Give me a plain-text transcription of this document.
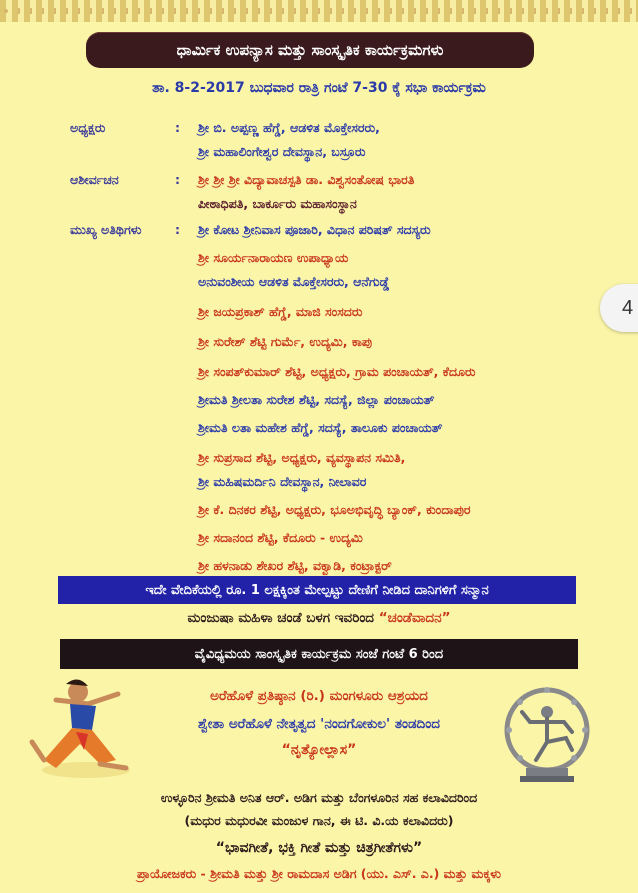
ಧಾರ್ಮಿಕ ಉಪನ್ಯಾಸ ಮತ್ತು ಸಾಂಸ್ಕೃತಿಕ ಕಾರ್ಯಕ್ರಮಗಳು
ತಾ. 8-2-2017 ಬುಧವಾರ ರಾತ್ರಿ ಗಂಟೆ 7-30 ಕ್ಕೆ ಸಭಾ ಕಾರ್ಯಕ್ರಮ
ಅಧ್ಯಕ್ಷರು	: ಶ್ರೀ ಬಿ. ಅಪ್ಪಣ್ಣ ಹೆಗ್ಡೆ, ಆಡಳಿತ ಮೊಕ್ತೇಸರರು,
ಶ್ರೀ ಮಹಾಲಿಂಗೇಶ್ವರ ದೇವಸ್ಥಾನ, ಬಸ್ರೂರು
ಆಶೀರ್ವಚನ	: ಶ್ರೀ ಶ್ರೀ ಶ್ರೀ ವಿದ್ಯಾವಾಚಸ್ಪತಿ ಡಾ. ವಿಶ್ವಸಂತೋಷ ಭಾರತಿ
ಪೀಠಾಧಿಪತಿ, ಬಾರ್ಕೂರು ಮಹಾಸಂಸ್ಥಾನ
ಮುಖ್ಯ ಅತಿಥಿಗಳು	: ಶ್ರೀ ಕೋಟ ಶ್ರೀನಿವಾಸ ಪೂಜಾರಿ, ವಿಧಾನ ಪರಿಷತ್ ಸದಸ್ಯರು
ಶ್ರೀ ಸೂರ್ಯನಾರಾಯಣ ಉಪಾಧ್ಯಾಯ
ಅನುವಂಶೀಯ ಆಡಳಿತ ಮೊಕ್ತೇಸರರು, ಆನೆಗುಡ್ಡೆ
ಶ್ರೀ ಜಯಪ್ರಕಾಶ್ ಹೆಗ್ಡೆ, ಮಾಜಿ ಸಂಸದರು
ಶ್ರೀ ಸುರೇಶ್ ಶೆಟ್ಟಿ ಗುರ್ಮೆ, ಉದ್ಯಮಿ, ಕಾಪು
ಶ್ರೀ ಸಂಪತ್‌ಕುಮಾರ್ ಶೆಟ್ಟಿ, ಅಧ್ಯಕ್ಷರು, ಗ್ರಾಮ ಪಂಚಾಯತ್, ಕೆದೂರು
ಶ್ರೀಮತಿ ಶ್ರೀಲತಾ ಸುರೇಶ ಶೆಟ್ಟಿ, ಸದಸ್ಯೆ, ಜಿಲ್ಲಾ ಪಂಚಾಯತ್
ಶ್ರೀಮತಿ ಲತಾ ಮಹೇಶ ಹೆಗ್ಡೆ, ಸದಸ್ಯೆ, ತಾಲೂಕು ಪಂಚಾಯತ್
ಶ್ರೀ ಸುಪ್ರಸಾದ ಶೆಟ್ಟಿ, ಅಧ್ಯಕ್ಷರು, ವ್ಯವಸ್ಥಾಪನ ಸಮಿತಿ,
ಶ್ರೀ ಮಹಿಷಮರ್ದಿನಿ ದೇವಸ್ಥಾನ, ನೀಲಾವರ
ಶ್ರೀ ಕೆ. ದಿನಕರ ಶೆಟ್ಟಿ, ಅಧ್ಯಕ್ಷರು, ಭೂಅಭಿವೃದ್ಧಿ ಬ್ಯಾಂಕ್, ಕುಂದಾಪುರ
ಶ್ರೀ ಸದಾನಂದ ಶೆಟ್ಟಿ, ಕೆದೂರು - ಉದ್ಯಮಿ
ಶ್ರೀ ಹಳನಾಡು ಶೇಖರ ಶೆಟ್ಟಿ, ವಕ್ವಾಡಿ, ಕಂಟ್ರಾಕ್ಟರ್
ಇದೇ ವೇದಿಕೆಯಲ್ಲಿ ರೂ. 1 ಲಕ್ಷಕ್ಕಿಂತ ಮೇಲ್ಪಟ್ಟು ದೇಣಿಗೆ ನೀಡಿದ ದಾನಿಗಳಿಗೆ ಸನ್ಮಾನ
ಮಂಜುಷಾ ಮಹಿಳಾ ಚಂಡೆ ಬಳಗ ಇವರಿಂದ “ಚಂಡೆವಾದನ”
ವೈವಿಧ್ಯಮಯ ಸಾಂಸ್ಕೃತಿಕ ಕಾರ್ಯಕ್ರಮ ಸಂಜೆ ಗಂಟೆ 6 ರಿಂದ
ಅರೆಹೊಳೆ ಪ್ರತಿಷ್ಠಾನ (ರಿ.) ಮಂಗಳೂರು ಆಶ್ರಯದ
ಶ್ವೇತಾ ಅರೆಹೊಳೆ ನೇತೃತ್ವದ 'ನಂದಗೋಕುಲ' ತಂಡದಿಂದ
“ನೃತ್ಯೋಲ್ಲಾಸ”
ಉಳ್ಳೂರಿನ ಶ್ರೀಮತಿ ಅನಿತ ಆರ್. ಅಡಿಗ ಮತ್ತು ಬೆಂಗಳೂರಿನ ಸಹ ಕಲಾವಿದರಿಂದ
(ಮಧುರ ಮಧುರವೀ ಮಂಜುಳ ಗಾನ, ಈ ಟಿ. ವಿ.ಯ ಕಲಾವಿದರು)
“ಭಾವಗೀತೆ, ಭಕ್ತಿ ಗೀತೆ ಮತ್ತು ಚಿತ್ರಗೀತೆಗಳು”
ಪ್ರಾಯೋಜಕರು - ಶ್ರೀಮತಿ ಮತ್ತು ಶ್ರೀ ರಾಮದಾಸ ಅಡಿಗ (ಯು. ಎಸ್. ಎ.) ಮತ್ತು ಮಕ್ಕಳು
4
